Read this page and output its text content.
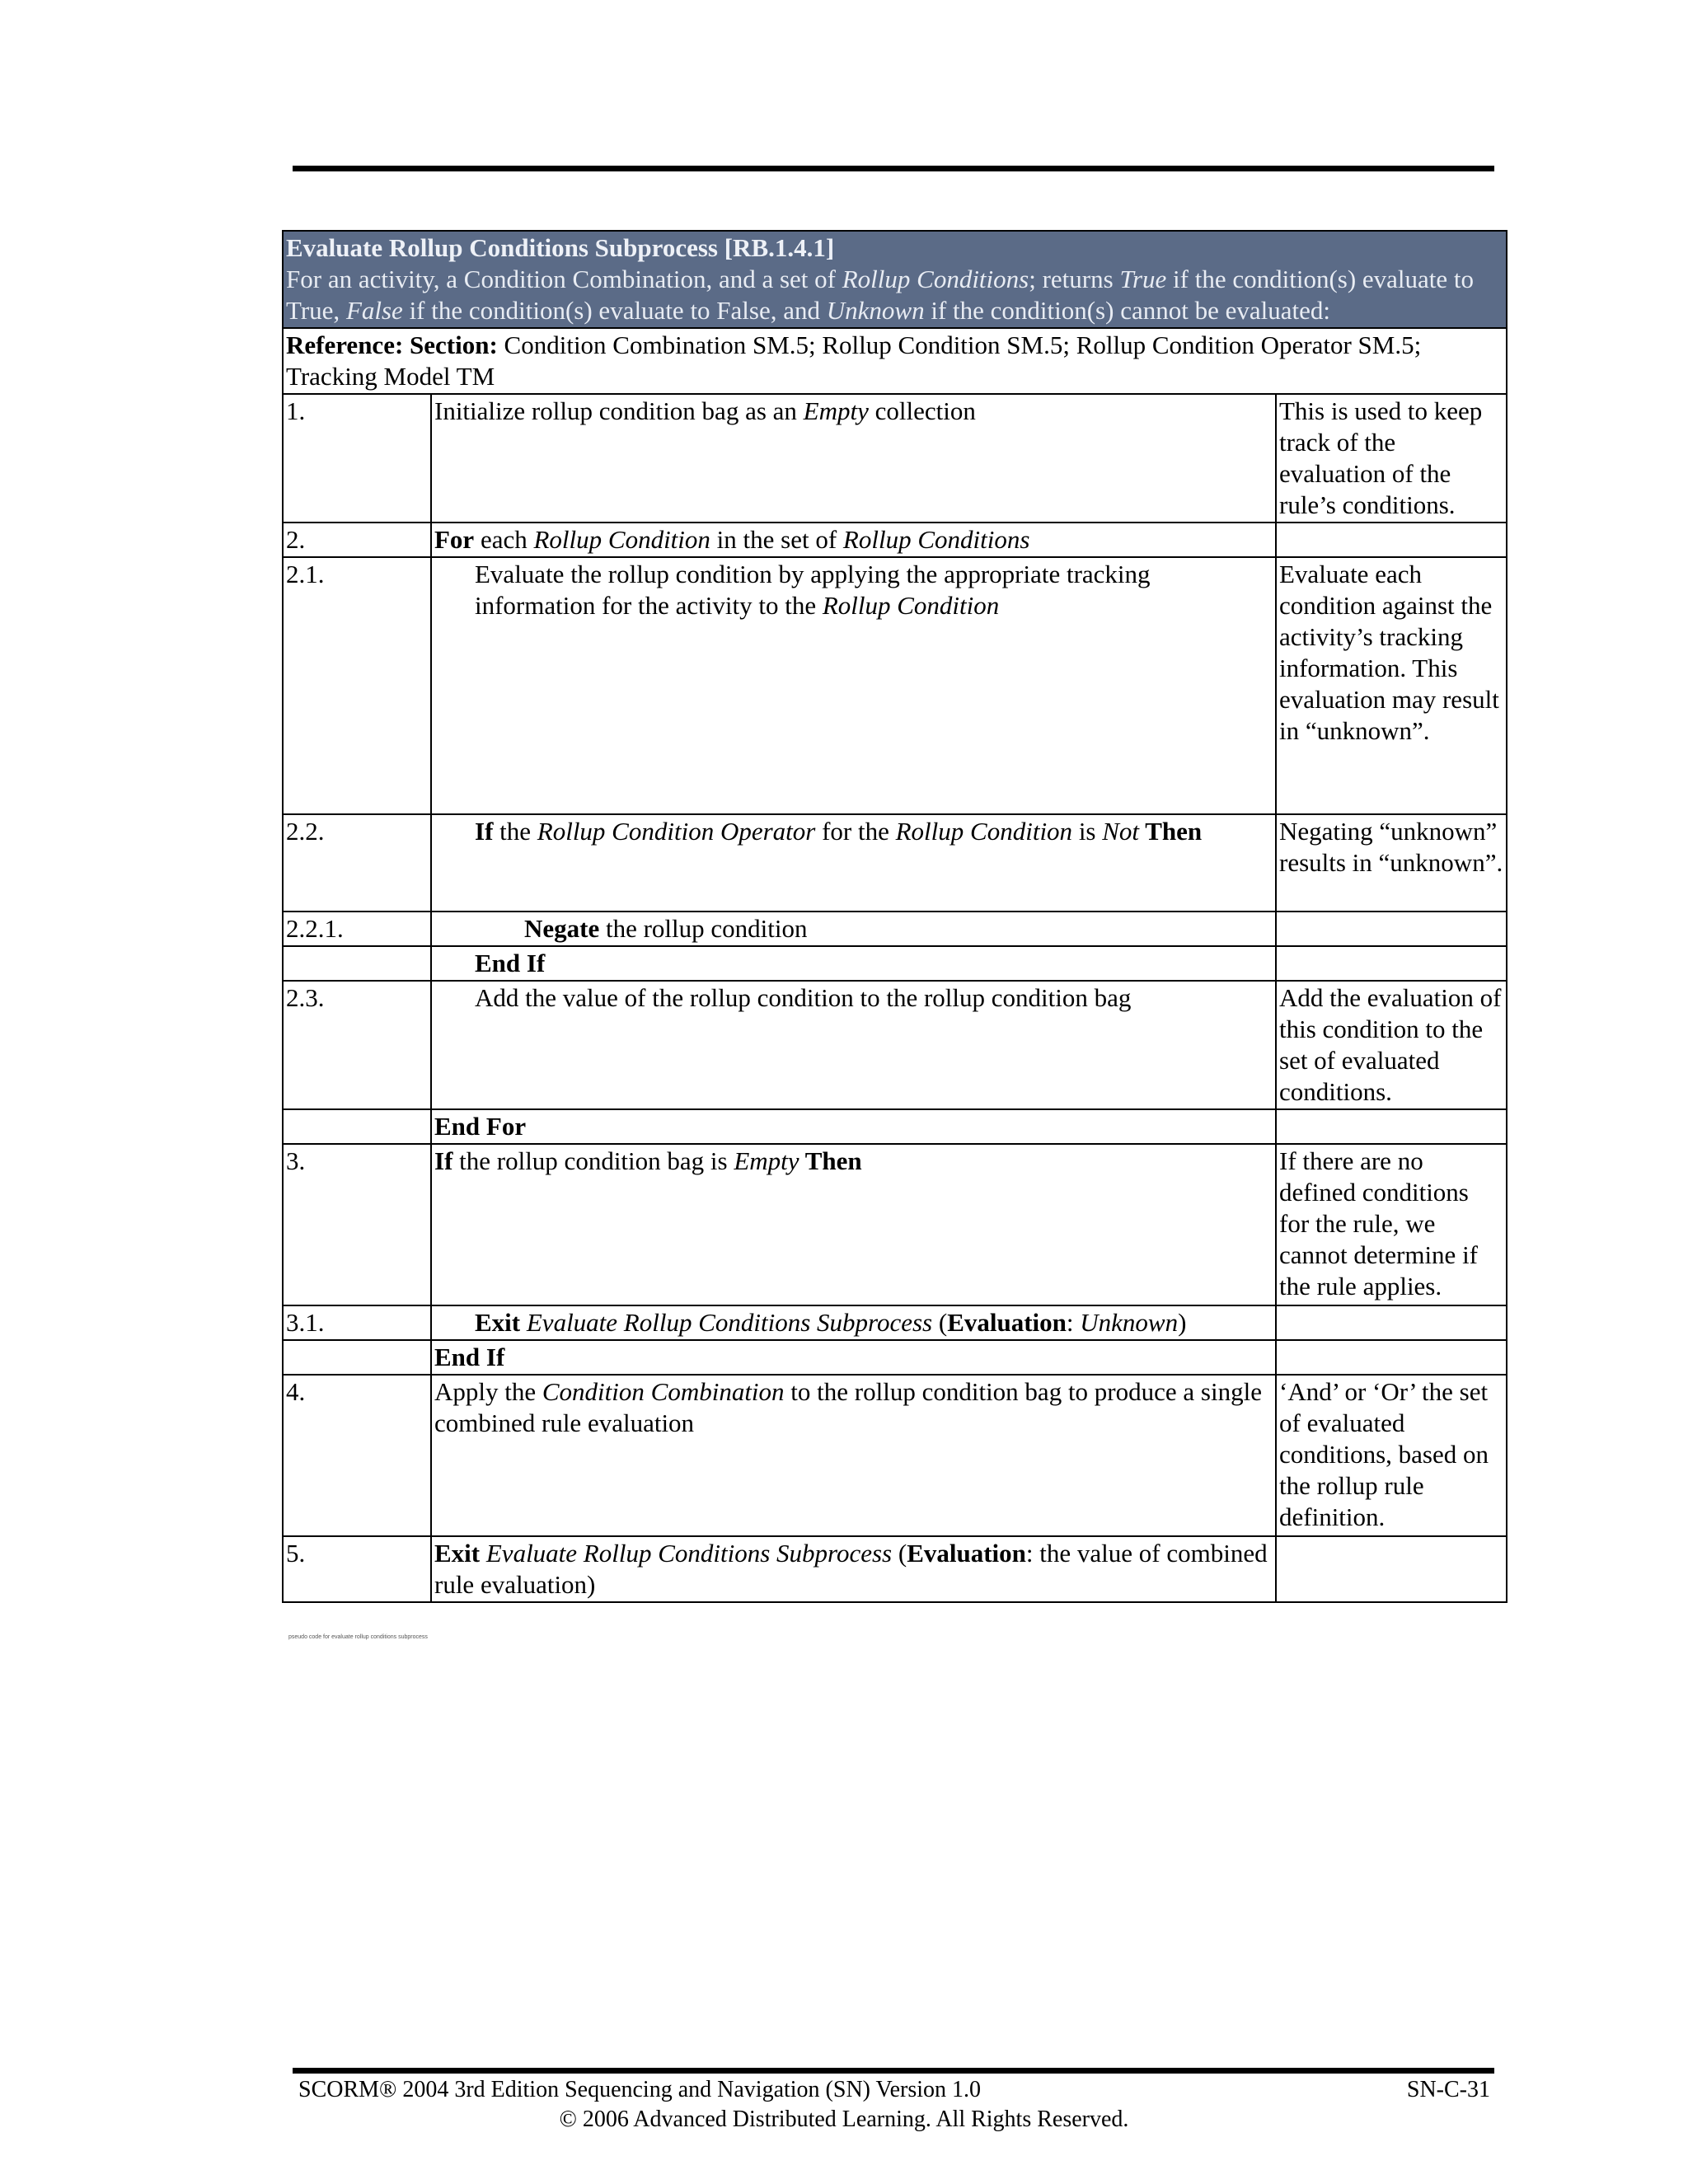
Evaluate Rollup Conditions Subprocess [RB.1.4.1]
For an activity, a Condition Combination, and a set of Rollup Conditions; returns True if the condition(s) evaluate to True, False if the condition(s) evaluate to False, and Unknown if the condition(s) cannot be evaluated:		

Reference: Section: Condition Combination SM.5; Rollup Condition SM.5; Rollup Condition Operator SM.5; Tracking Model TM		
1.	Initialize rollup condition bag as an Empty collection	This is used to keep track of the evaluation of the rule’s conditions.
2.	For each Rollup Condition in the set of Rollup Conditions	
2.1.	Evaluate the rollup condition by applying the appropriate tracking information for the activity to the Rollup Condition	Evaluate each condition against the activity’s tracking information. This evaluation may result in “unknown”.
2.2.	If the Rollup Condition Operator for the Rollup Condition is Not Then	Negating “unknown” results in “unknown”.
2.2.1.	Negate the rollup condition	
	End If	
2.3.	Add the value of the rollup condition to the rollup condition bag	Add the evaluation of this condition to the set of evaluated conditions.
	End For	
3.	If the rollup condition bag is Empty Then	If there are no defined conditions for the rule, we cannot determine if the rule applies.
3.1.	Exit Evaluate Rollup Conditions Subprocess (Evaluation: Unknown)	
	End If	
4.	Apply the Condition Combination to the rollup condition bag to produce a single combined rule evaluation	‘And’ or ‘Or’ the set of evaluated conditions, based on the rollup rule definition.
5.	Exit Evaluate Rollup Conditions Subprocess (Evaluation: the value of combined rule evaluation)	
pseudo code for evaluate rollup conditions subprocess
SCORM® 2004 3rd Edition Sequencing and Navigation (SN) Version 1.0	SN-C-31
© 2006 Advanced Distributed Learning. All Rights Reserved.
